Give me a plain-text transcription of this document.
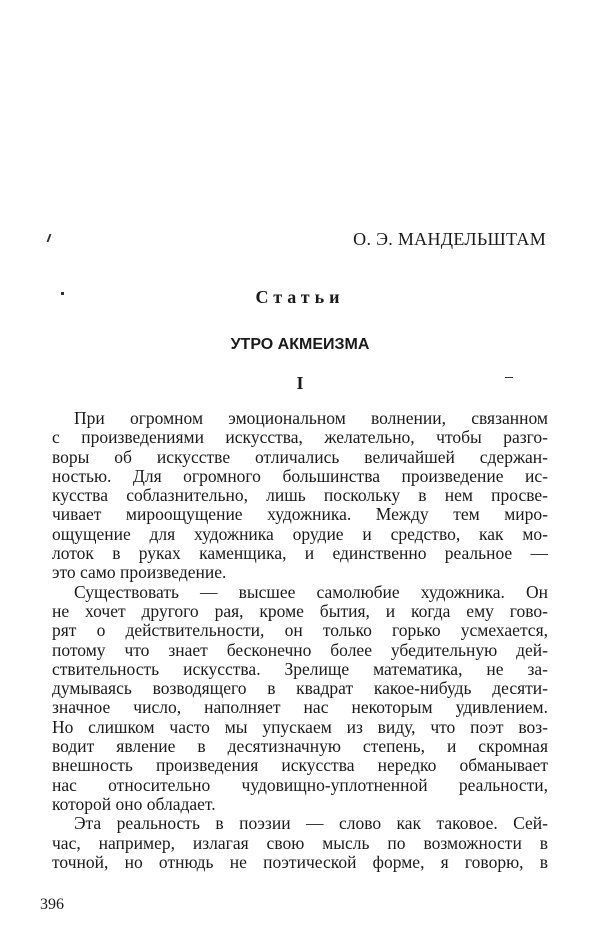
О. Э. МАНДЕЛЬШТАМ
Статьи
УТРО АКМЕИЗМА
I
При огромном эмоциональном волнении, связанном
с произведениями искусства, желательно, чтобы разго-
воры об искусстве отличались величайшей сдержан-
ностью. Для огромного большинства произведение ис-
кусства соблазнительно, лишь поскольку в нем просве-
чивает мироощущение художника. Между тем миро-
ощущение для художника орудие и средство, как мо-
лоток в руках каменщика, и единственно реальное —
это само произведение.
Существовать — высшее самолюбие художника. Он
не хочет другого рая, кроме бытия, и когда ему гово-
рят о действительности, он только горько усмехается,
потому что знает бесконечно более убедительную дей-
ствительность искусства. Зрелище математика, не за-
думываясь возводящего в квадрат какое-нибудь десяти-
значное число, наполняет нас некоторым удивлением.
Но слишком часто мы упускаем из виду, что поэт воз-
водит явление в десятизначную степень, и скромная
внешность произведения искусства нередко обманывает
нас относительно чудовищно-уплотненной реальности,
которой оно обладает.
Эта реальность в поэзии — слово как таковое. Сей-
час, например, излагая свою мысль по возможности в
точной, но отнюдь не поэтической форме, я говорю, в
396
